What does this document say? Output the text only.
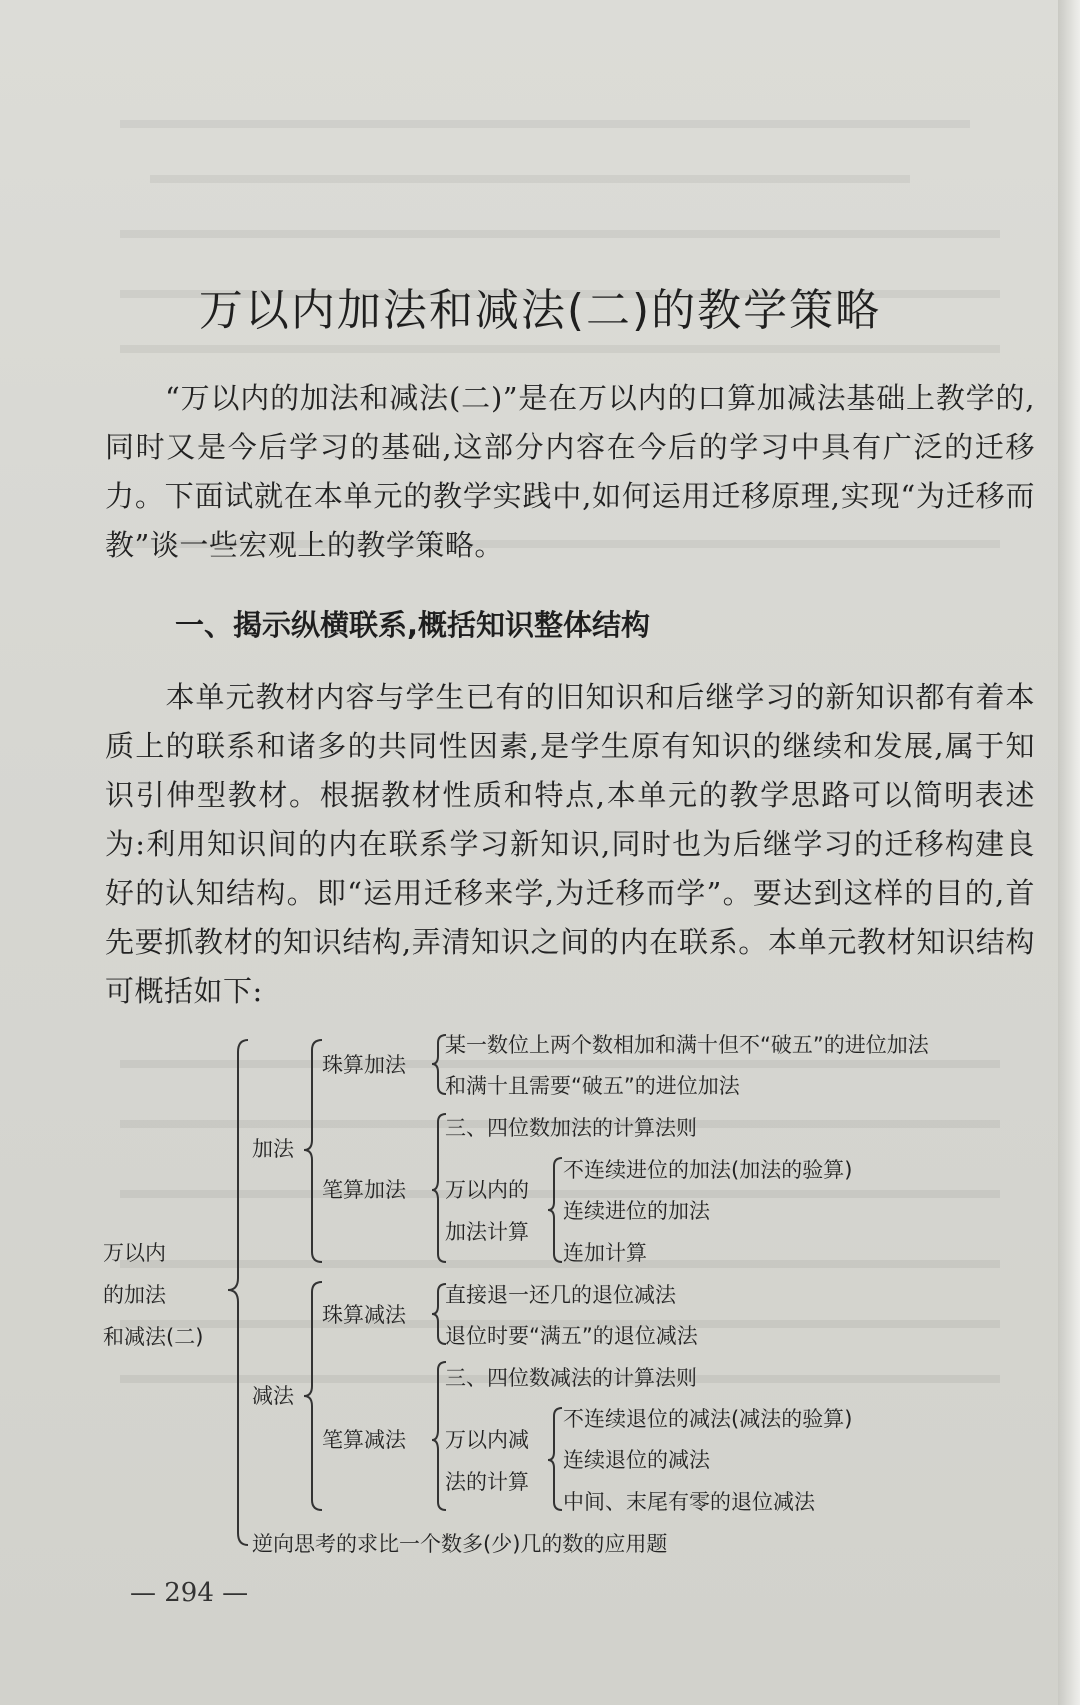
万以内加法和减法(二)的教学策略

“万以内的加法和减法(二)”是在万以内的口算加减法基础上教学的,同时又是今后学习的基础,这部分内容在今后的学习中具有广泛的迁移力。下面试就在本单元的教学实践中,如何运用迁移原理,实现“为迁移而教”谈一些宏观上的教学策略。

一、揭示纵横联系,概括知识整体结构

本单元教材内容与学生已有的旧知识和后继学习的新知识都有着本质上的联系和诸多的共同性因素,是学生原有知识的继续和发展,属于知识引伸型教材。根据教材性质和特点,本单元的教学思路可以简明表述为:利用知识间的内在联系学习新知识,同时也为后继学习的迁移构建良好的认知结构。即“运用迁移来学,为迁移而学”。要达到这样的目的,首先要抓教材的知识结构,弄清知识之间的内在联系。本单元教材知识结构可概括如下:

万以内
的加法
和减法(二)
加法
珠算加法
某一数位上两个数相加和满十但不“破五”的进位加法
和满十且需要“破五”的进位加法
三、四位数加法的计算法则
笔算加法 万以内的
加法计算
不连续进位的加法(加法的验算)
连续进位的加法
连加计算
减法
珠算减法
直接退一还几的退位减法
退位时要“满五”的退位减法
三、四位数减法的计算法则
笔算减法 万以内减
法的计算
不连续退位的减法(减法的验算)
连续退位的减法
中间、末尾有零的退位减法
逆向思考的求比一个数多(少)几的数的应用题

— 294 —
